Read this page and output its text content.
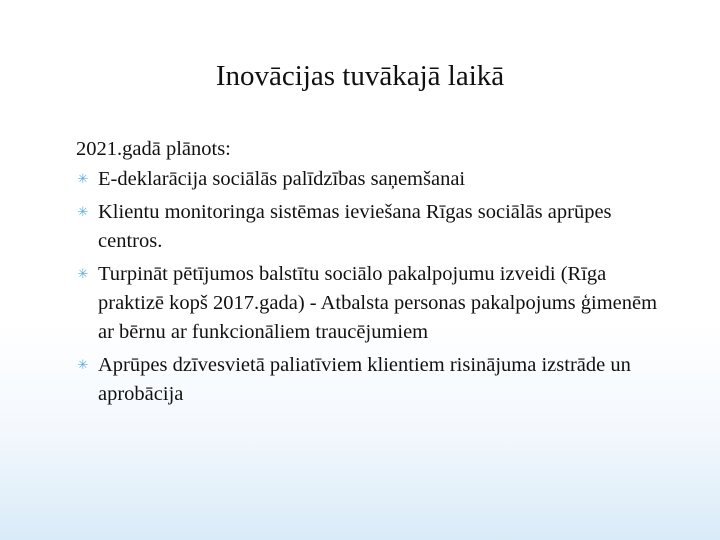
Inovācijas tuvākajā laikā
2021.gadā plānots:
✳ E-deklarācija sociālās palīdzības saņemšanai
✳ Klientu monitoringa sistēmas ieviešana Rīgas sociālās aprūpes centros.
✳ Turpināt pētījumos balstītu sociālo pakalpojumu izveidi (Rīga praktizē kopš 2017.gada) - Atbalsta personas pakalpojums ģimenēm ar bērnu ar funkcionāliem traucējumiem
✳ Aprūpes dzīvesvietā paliatīviem klientiem risinājuma izstrāde un aprobācija
